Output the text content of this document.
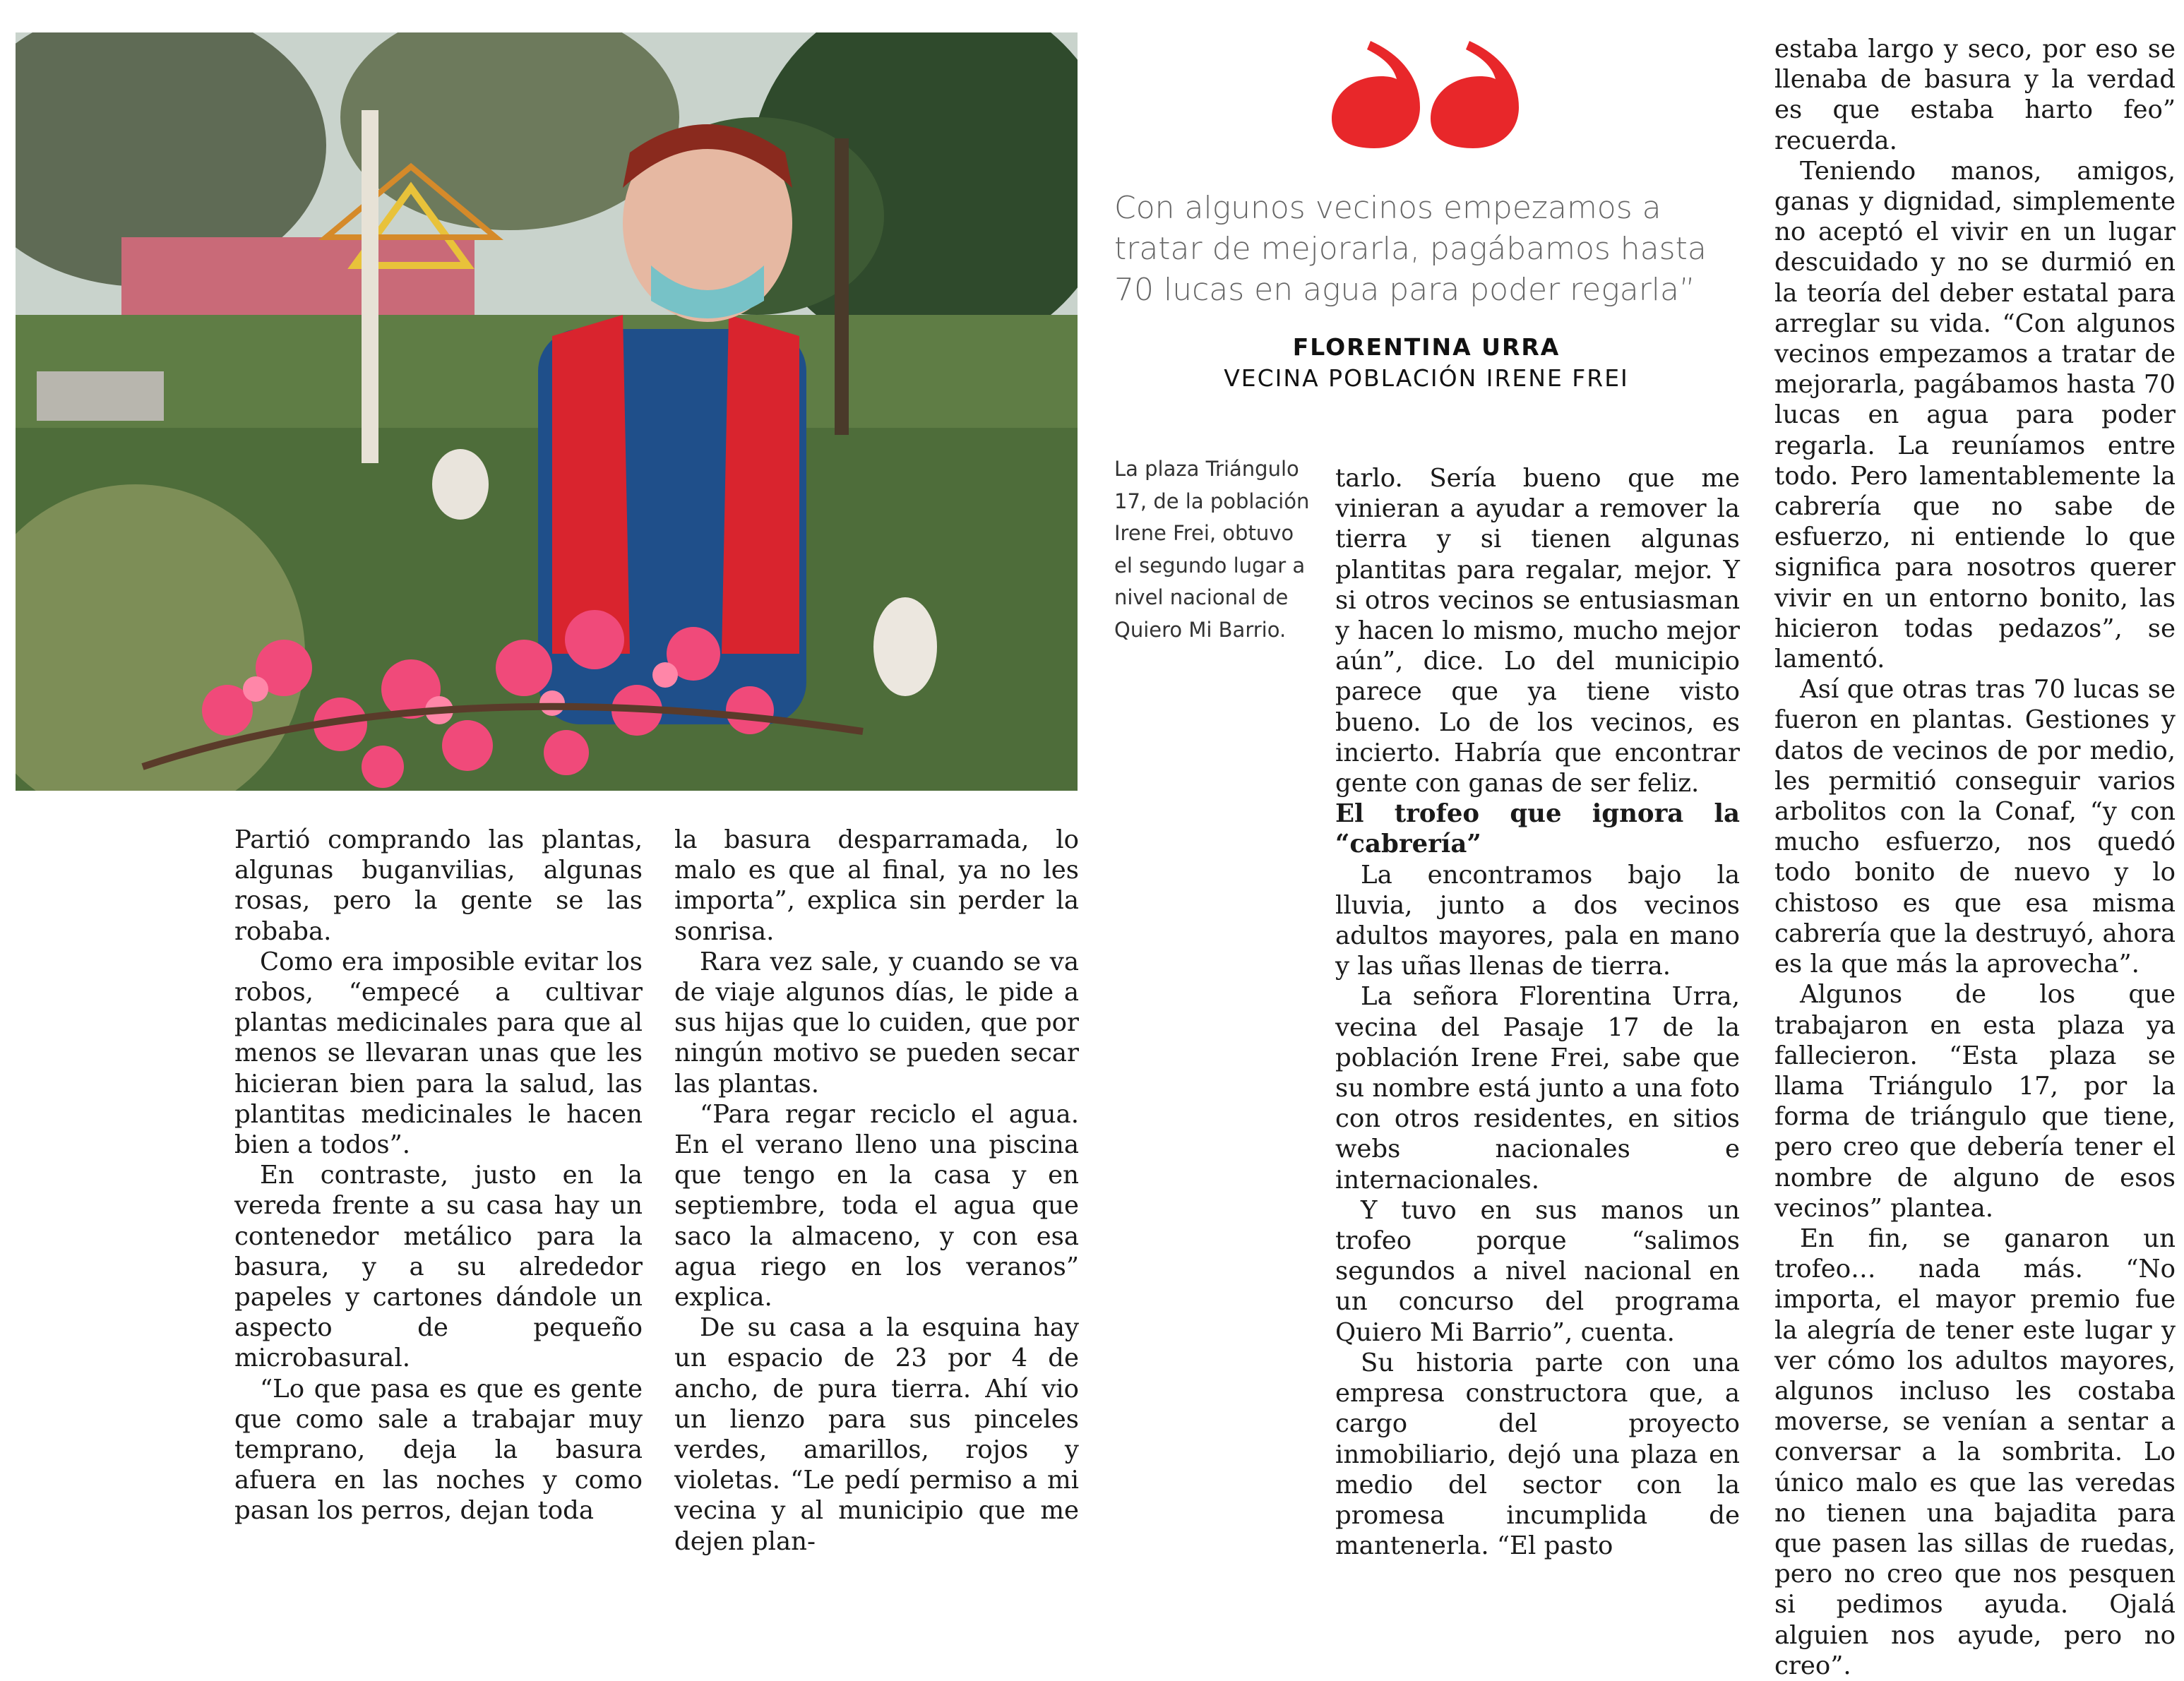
Con algunos vecinos empezamos a tratar de mejorarla, pagábamos hasta 70 lucas en agua para poder regarla”

FLORENTINA URRA
VECINA POBLACIÓN IRENE FREI

La plaza Triángulo 17, de la población Irene Frei, obtuvo el segundo lugar a nivel nacional de Quiero Mi Barrio.

Partió comprando las plantas, algunas buganvilias, algunas rosas, pero la gente se las robaba.

Como era imposible evitar los robos, “empecé a cultivar plantas medicinales para que al menos se llevaran unas que les hicieran bien para la salud, las plantitas medicinales le hacen bien a todos”.

En contraste, justo en la vereda frente a su casa hay un contenedor metálico para la basura, y a su alrededor papeles y cartones dándole un aspecto de pequeño microbasural.

“Lo que pasa es que es gente que como sale a trabajar muy temprano, deja la basura afuera en las noches y como pasan los perros, dejan toda

la basura desparramada, lo malo es que al final, ya no les importa”, explica sin perder la sonrisa.

Rara vez sale, y cuando se va de viaje algunos días, le pide a sus hijas que lo cuiden, que por ningún motivo se pueden secar las plantas.

“Para regar reciclo el agua. En el verano lleno una piscina que tengo en la casa y en septiembre, toda el agua que saco la almaceno, y con esa agua riego en los veranos” explica.

De su casa a la esquina hay un espacio de 23 por 4 de ancho, de pura tierra. Ahí vio un lienzo para sus pinceles verdes, amarillos, rojos y violetas. “Le pedí permiso a mi vecina y al municipio que me dejen plan-

tarlo. Sería bueno que me vinieran a ayudar a remover la tierra y si tienen algunas plantitas para regalar, mejor. Y si otros vecinos se entusiasman y hacen lo mismo, mucho mejor aún”, dice. Lo del municipio parece que ya tiene visto bueno. Lo de los vecinos, es incierto. Habría que encontrar gente con ganas de ser feliz.

El trofeo que ignora la “cabrería”

La encontramos bajo la lluvia, junto a dos vecinos adultos mayores, pala en mano y las uñas llenas de tierra.

La señora Florentina Urra, vecina del Pasaje 17 de la población Irene Frei, sabe que su nombre está junto a una foto con otros residentes, en sitios webs nacionales e internacionales.

Y tuvo en sus manos un trofeo porque “salimos segundos a nivel nacional en un concurso del programa Quiero Mi Barrio”, cuenta.

Su historia parte con una empresa constructora que, a cargo del proyecto inmobiliario, dejó una plaza en medio del sector con la promesa incumplida de mantenerla. “El pasto

estaba largo y seco, por eso se llenaba de basura y la verdad es que estaba harto feo” recuerda.

Teniendo manos, amigos, ganas y dignidad, simplemente no aceptó el vivir en un lugar descuidado y no se durmió en la teoría del deber estatal para arreglar su vida. “Con algunos vecinos empezamos a tratar de mejorarla, pagábamos hasta 70 lucas en agua para poder regarla. La reuníamos entre todo. Pero lamentablemente la cabrería que no sabe de esfuerzo, ni entiende lo que significa para nosotros querer vivir en un entorno bonito, las hicieron todas pedazos”, se lamentó.

Así que otras tras 70 lucas se fueron en plantas. Gestiones y datos de vecinos de por medio, les permitió conseguir varios arbolitos con la Conaf, “y con mucho esfuerzo, nos quedó todo bonito de nuevo y lo chistoso es que esa misma cabrería que la destruyó, ahora es la que más la aprovecha”.

Algunos de los que trabajaron en esta plaza ya fallecieron. “Esta plaza se llama Triángulo 17, por la forma de triángulo que tiene, pero creo que debería tener el nombre de alguno de esos vecinos” plantea.

En fin, se ganaron un trofeo… nada más. “No importa, el mayor premio fue la alegría de tener este lugar y ver cómo los adultos mayores, algunos incluso les costaba moverse, se venían a sentar a conversar a la sombrita. Lo único malo es que las veredas no tienen una bajadita para que pasen las sillas de ruedas, pero no creo que nos pesquen si pedimos ayuda. Ojalá alguien nos ayude, pero no creo”.
